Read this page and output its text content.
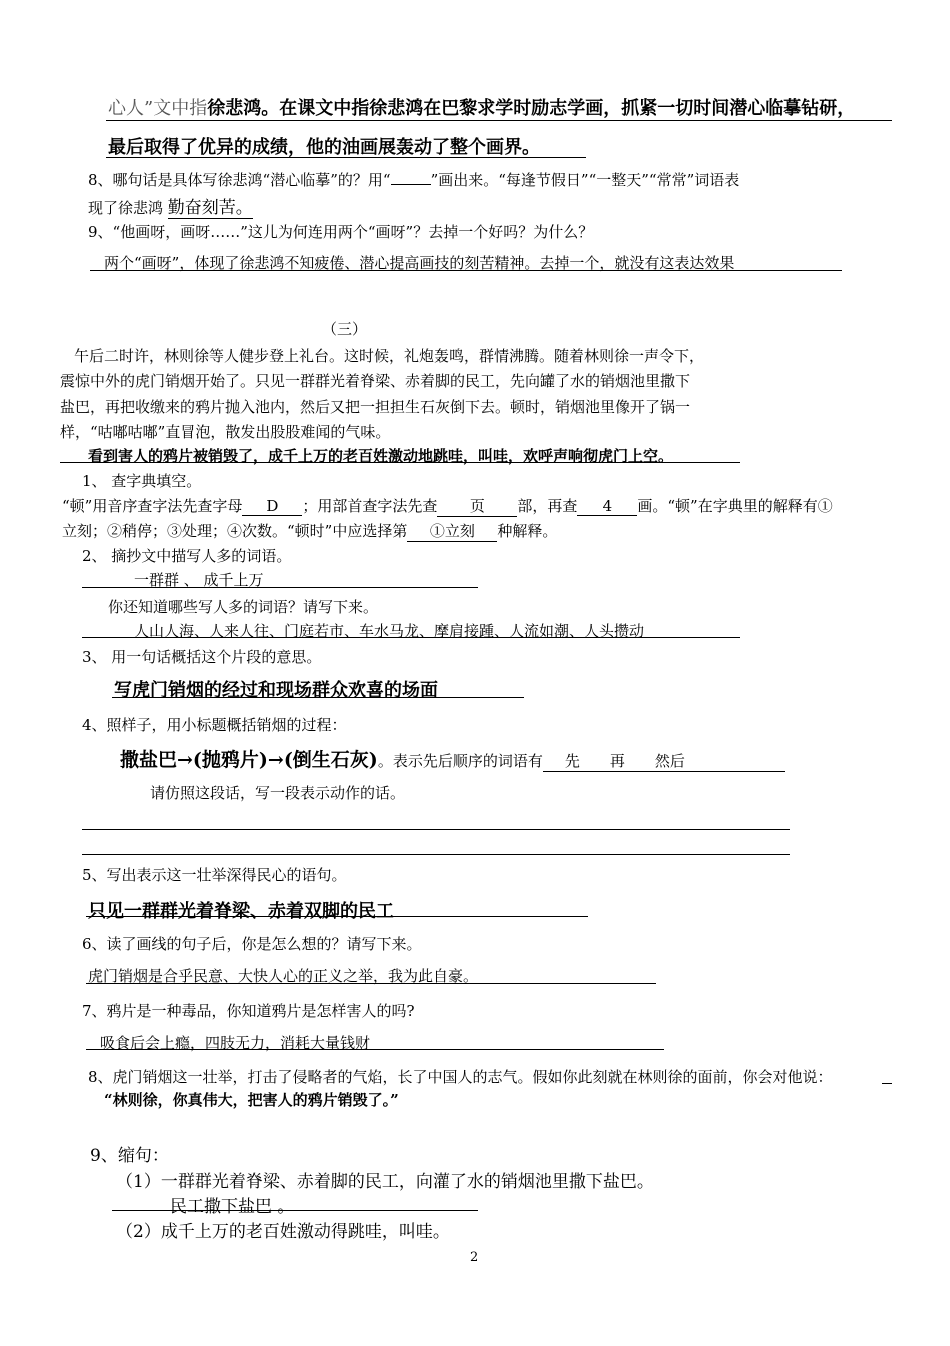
心人”文中指徐悲鸿。在课文中指徐悲鸿在巴黎求学时励志学画，抓紧一切时间潜心临摹钻研，
最后取得了优异的成绩，他的油画展轰动了整个画界。
8、哪句话是具体写徐悲鸿“潜心临摹”的？用“	”画出来。“每逢节假日”“一整天”“常常”词语表
现了徐悲鸿 勤奋刻苦。
9、“他画呀，画呀……”这儿为何连用两个“画呀”？去掉一个好吗？为什么？
两个“画呀”，体现了徐悲鸿不知疲倦、潜心提高画技的刻苦精神。去掉一个，就没有这表达效果
（三）
午后二时许，林则徐等人健步登上礼台。这时候，礼炮轰鸣，群情沸腾。随着林则徐一声令下，
震惊中外的虎门销烟开始了。只见一群群光着脊梁、赤着脚的民工，先向罐了水的销烟池里撒下
盐巴，再把收缴来的鸦片抛入池内，然后又把一担担生石灰倒下去。顿时，销烟池里像开了锅一
样，“咕嘟咕嘟”直冒泡，散发出股股难闻的气味。
看到害人的鸦片被销毁了，成千上万的老百姓激动地跳哇，叫哇，欢呼声响彻虎门上空。
1、 查字典填空。
“顿”用音序查字法先查字母 D ；用部首查字法先查 页 部，再查 4 画。“顿”在字典里的解释有①
立刻；②稍停；③处理；④次数。“顿时”中应选择第 ①立刻 种解释。
2、 摘抄文中描写人多的词语。
一群群 、 成千上万
你还知道哪些写人多的词语？请写下来。
人山人海、人来人往、门庭若市、车水马龙、摩肩接踵、人流如潮、人头攒动
3、 用一句话概括这个片段的意思。
写虎门销烟的经过和现场群众欢喜的场面
4、照样子，用小标题概括销烟的过程：
撒盐巴→(抛鸦片)→(倒生石灰)。表示先后顺序的词语有 先　　再　　然后
请仿照这段话，写一段表示动作的话。
5、写出表示这一壮举深得民心的语句。
只见一群群光着脊梁、赤着双脚的民工
6、读了画线的句子后，你是怎么想的？请写下来。
虎门销烟是合乎民意、大快人心的正义之举，我为此自豪。
7、鸦片是一种毒品，你知道鸦片是怎样害人的吗?
吸食后会上瘾，四肢无力，消耗大量钱财
8、虎门销烟这一壮举，打击了侵略者的气焰，长了中国人的志气。假如你此刻就在林则徐的面前，你会对他说：
“林则徐，你真伟大，把害人的鸦片销毁了。”
9、缩句：
（1）一群群光着脊梁、赤着脚的民工，向灌了水的销烟池里撒下盐巴。
民工撒下盐巴 。
（2）成千上万的老百姓激动得跳哇，叫哇。
2
